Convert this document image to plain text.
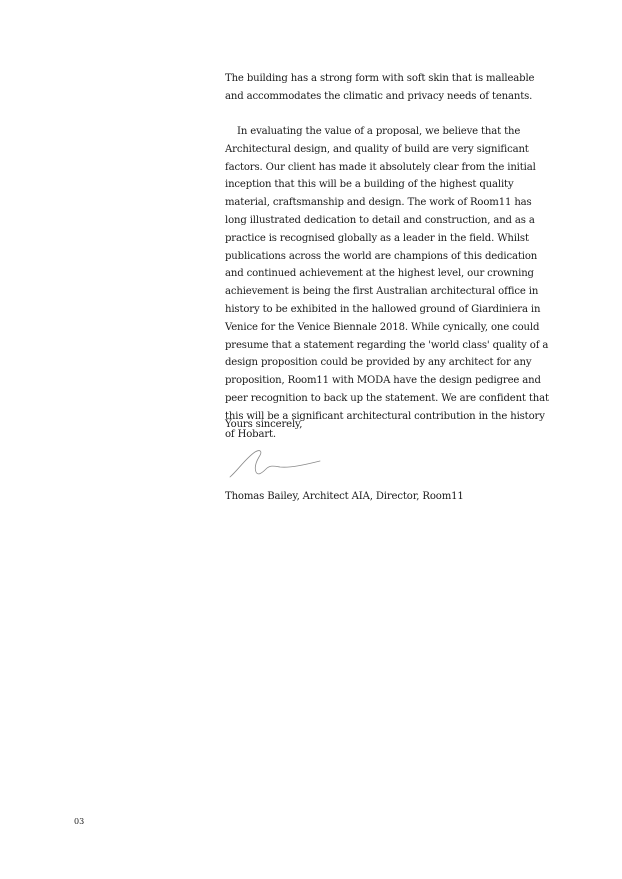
The building has a strong form with soft skin that is malleable and accommodates the climatic and privacy needs of tenants.

In evaluating the value of a proposal, we believe that the Architectural design, and quality of build are very significant factors. Our client has made it absolutely clear from the initial inception that this will be a building of the highest quality material, craftsmanship and design. The work of Room11 has long illustrated dedication to detail and construction, and as a practice is recognised globally as a leader in the field. Whilst publications across the world are champions of this dedication and continued achievement at the highest level, our crowning achievement is being the first Australian architectural office in history to be exhibited in the hallowed ground of Giardiniera in Venice for the Venice Biennale 2018. While cynically, one could presume that a statement regarding the 'world class' quality of a design proposition could be provided by any architect for any proposition, Room11 with MODA have the design pedigree and peer recognition to back up the statement. We are confident that this will be a significant architectural contribution in the history of Hobart.

Yours sincerely,

Thomas Bailey, Architect AIA, Director, Room11

03
